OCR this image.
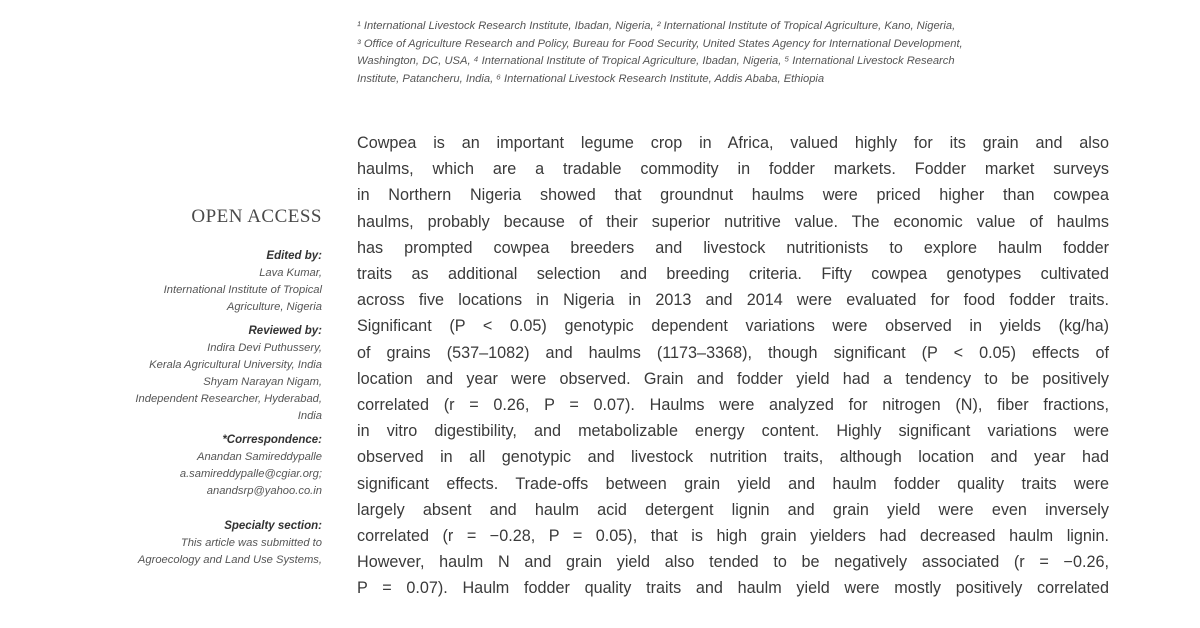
¹ International Livestock Research Institute, Ibadan, Nigeria, ² International Institute of Tropical Agriculture, Kano, Nigeria,

³ Office of Agriculture Research and Policy, Bureau for Food Security, United States Agency for International Development,

Washington, DC, USA, ⁴ International Institute of Tropical Agriculture, Ibadan, Nigeria, ⁵ International Livestock Research

Institute, Patancheru, India, ⁶ International Livestock Research Institute, Addis Ababa, Ethiopia

OPEN ACCESS
Edited by:
Lava Kumar,
International Institute of Tropical
Agriculture, Nigeria
Reviewed by:
Indira Devi Puthussery,
Kerala Agricultural University, India
Shyam Narayan Nigam,
Independent Researcher, Hyderabad,
India
*Correspondence:
Anandan Samireddypalle
a.samireddypalle@cgiar.org;
anandsrp@yahoo.co.in
Specialty section:
This article was submitted to
Agroecology and Land Use Systems,
Cowpea is an important legume crop in Africa, valued highly for its grain and also
haulms, which are a tradable commodity in fodder markets. Fodder market surveys
in Northern Nigeria showed that groundnut haulms were priced higher than cowpea
haulms, probably because of their superior nutritive value. The economic value of haulms
has prompted cowpea breeders and livestock nutritionists to explore haulm fodder
traits as additional selection and breeding criteria. Fifty cowpea genotypes cultivated
across five locations in Nigeria in 2013 and 2014 were evaluated for food fodder traits.
Significant (P < 0.05) genotypic dependent variations were observed in yields (kg/ha)
of grains (537–1082) and haulms (1173–3368), though significant (P < 0.05) effects of
location and year were observed. Grain and fodder yield had a tendency to be positively
correlated (r = 0.26, P = 0.07). Haulms were analyzed for nitrogen (N), fiber fractions,
in vitro digestibility, and metabolizable energy content. Highly significant variations were
observed in all genotypic and livestock nutrition traits, although location and year had
significant effects. Trade-offs between grain yield and haulm fodder quality traits were
largely absent and haulm acid detergent lignin and grain yield were even inversely
correlated (r = −0.28, P = 0.05), that is high grain yielders had decreased haulm lignin.
However, haulm N and grain yield also tended to be negatively associated (r = −0.26,
P = 0.07). Haulm fodder quality traits and haulm yield were mostly positively correlated
